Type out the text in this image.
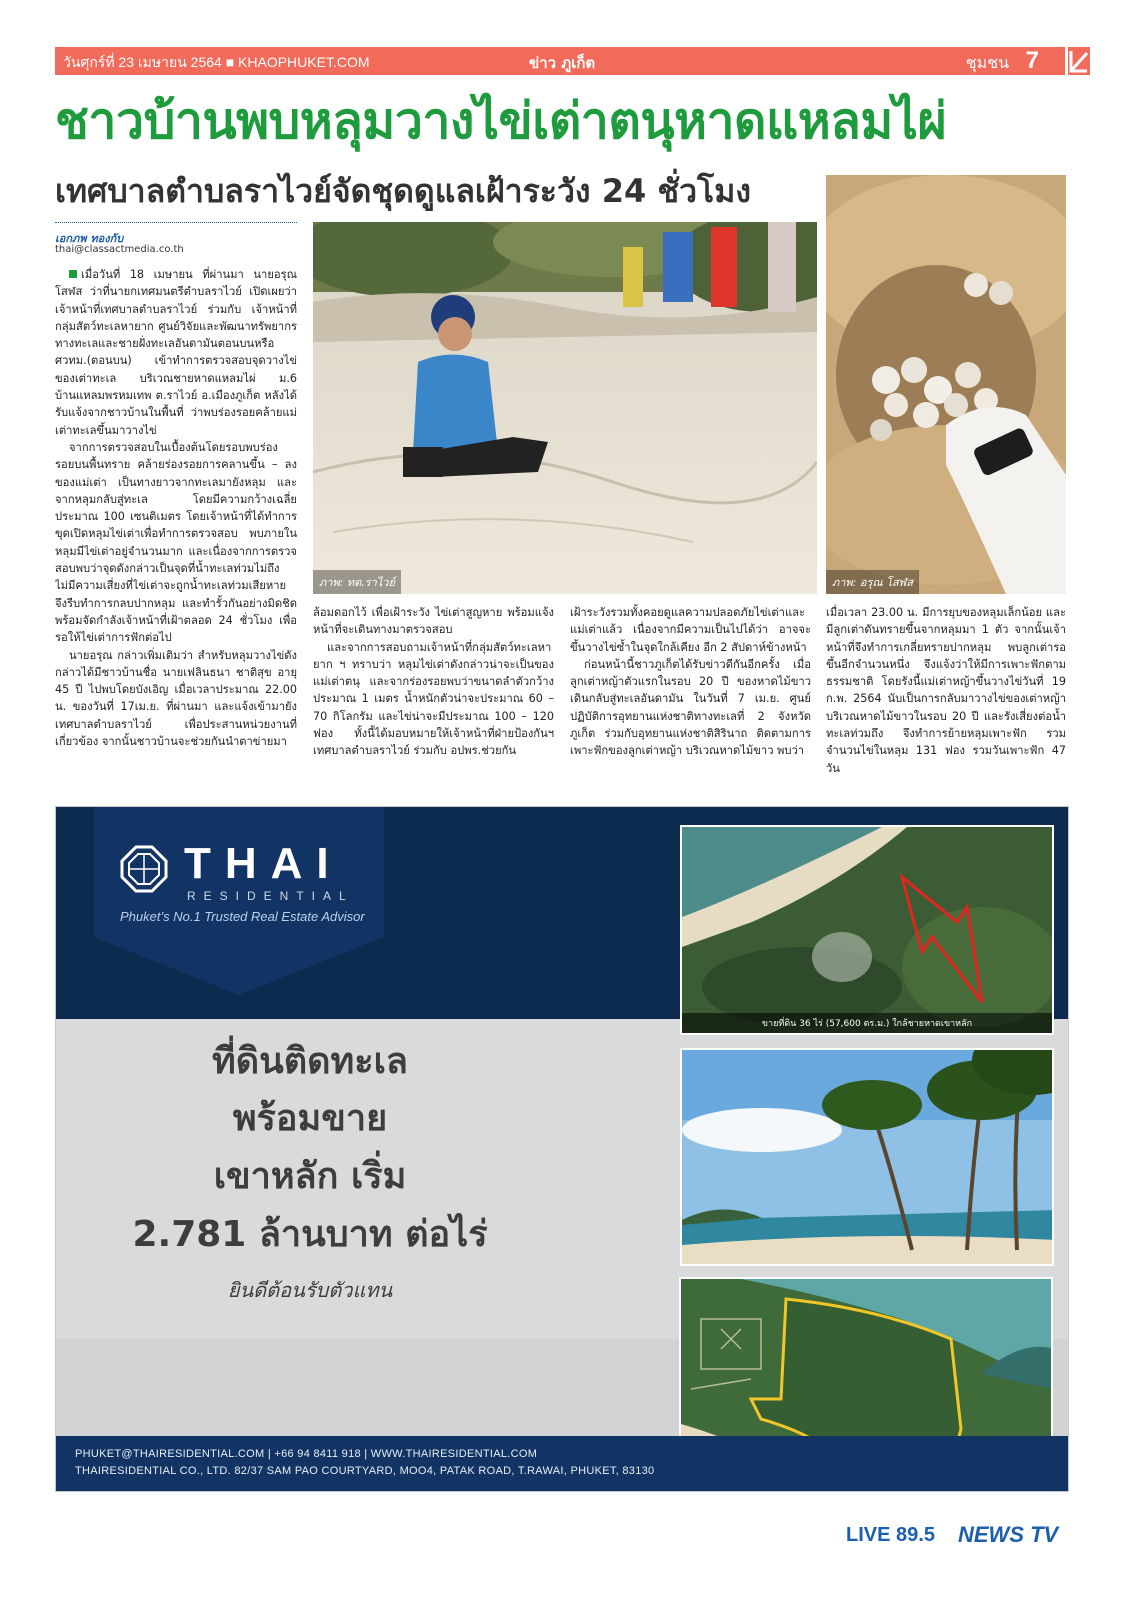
วันศุกร์ที่ 23 เมษายน 2564 ■ KHAOPHUKET.COM	ข่าว ภูเก็ต	ชุมชน 7
ชาวบ้านพบหลุมวางไข่เต่าตนุหาดแหลมไผ่
เทศบาลตำบลราไวย์จัดชุดดูแลเฝ้าระวัง 24 ชั่วโมง
เอกภพ ทองกับ
thai@classactmedia.co.th

เมื่อวันที่ 18 เมษายน ที่ผ่านมา นายอรุณ โสฬส ว่าที่นายกเทศมนตรีตำบลราไวย์ เปิดเผยว่า เจ้าหน้าที่เทศบาลตำบลราไวย์ ร่วมกับ เจ้าหน้าที่กลุ่มสัตว์ทะเลหายาก ศูนย์วิจัยและพัฒนาทรัพยากรทางทะเลและชายฝั่งทะเลอันดามันตอนบนหรือ ศวทม.(ตอนบน) เข้าทำการตรวจสอบจุดวางไข่ของเต่าทะเล บริเวณชายหาดแหลมไผ่ ม.6 บ้านแหลมพรหมเทพ ต.ราไวย์ อ.เมืองภูเก็ต หลังได้รับแจ้งจากชาวบ้านในพื้นที่ ว่าพบร่องรอยคล้ายแม่เต่าทะเลขึ้นมาวางไข่

จากการตรวจสอบในเบื้องต้นโดยรอบพบร่องรอยบนพื้นทราย คล้ายร่องรอยการคลานขึ้น – ลง ของแม่เต่า เป็นทางยาวจากทะเลมายังหลุม และจากหลุมกลับสู่ทะเล โดยมีความกว้างเฉลี่ยประมาณ 100 เซนติเมตร โดยเจ้าหน้าที่ได้ทำการขุดเปิดหลุมไข่เต่าเพื่อทำการตรวจสอบ พบภายในหลุมมีไข่เต่าอยู่จำนวนมาก และเนื่องจากการตรวจสอบพบว่าจุดดังกล่าวเป็นจุดที่น้ำทะเลท่วมไม่ถึง ไม่มีความเสี่ยงที่ไข่เต่าจะถูกน้ำทะเลท่วมเสียหาย จึงรีบทำการกลบปากหลุม และทำรั้วกันอย่างมิดชิด พร้อมจัดกำลังเจ้าหน้าที่เฝ้าตลอด 24 ชั่วโมง เพื่อรอให้ไข่เต่าการฟักต่อไป

นายอรุณ กล่าวเพิ่มเติมว่า สำหรับหลุมวางไข่ดังกล่าวได้มีชาวบ้านชื่อ นายเฟลินธนา ชาติสุข อายุ 45 ปี ไปพบโดยบังเอิญ เมื่อเวลาประมาณ 22.00 น. ของวันที่ 17เม.ย. ที่ผ่านมา และแจ้งเข้ามายังเทศบาลตำบลราไวย์ เพื่อประสานหน่วยงานที่เกี่ยวข้อง จากนั้นชาวบ้านจะช่วยกันนำตาข่ายมา

ภาพ: ทต.ราไวย์	ภาพ: อรุณ โสฬส

ล้อมดอกไว้ เพื่อเฝ้าระวัง ไข่เต่าสูญหาย พร้อมแจ้งหน้าที่จะเดินทางมาตรวจสอบ

และจากการสอบถามเจ้าหน้าที่กลุ่มสัตว์ทะเลหายาก ฯ ทราบว่า หลุมไข่เต่าดังกล่าวน่าจะเป็นของแม่เต่าตนุ และจากร่องรอยพบว่าขนาดลำตัวกว้างประมาณ 1 เมตร น้ำหนักตัวน่าจะประมาณ 60 – 70 กิโลกรัม และไข่น่าจะมีประมาณ 100 – 120 ฟอง ทั้งนี้ได้มอบหมายให้เจ้าหน้าที่ฝ่ายป้องกันฯ เทศบาลตำบลราไวย์ ร่วมกับ อปพร.ช่วยกัน

เฝ้าระวังรวมทั้งคอยดูแลความปลอดภัยไข่เต่าและแม่เต่าแล้ว เนื่องจากมีความเป็นไปได้ว่า อาจจะขึ้นวางไข่ซ้ำในจุดใกล้เคียง อีก 2 สัปดาห์ข้างหน้า

ก่อนหน้านี้ชาวภูเก็ตได้รับข่าวดีกันอีกครั้ง เมื่อลูกเต่าหญ้าตัวแรกในรอบ 20 ปี ของหาดไม้ขาวเดินกลับสู่ทะเลอันดามัน ในวันที่ 7 เม.ย. ศูนย์ปฏิบัติการอุทยานแห่งชาติทางทะเลที่ 2 จังหวัดภูเก็ต ร่วมกับอุทยานแห่งชาติสิรินาถ ติดตามการเพาะฟักของลูกเต่าหญ้า บริเวณหาดไม้ขาว พบว่า

เมื่อเวลา 23.00 น. มีการยุบของหลุมเล็กน้อย และมีลูกเต่าดันทรายขึ้นจากหลุมมา 1 ตัว จากนั้นเจ้าหน้าที่จึงทำการเกลี่ยทรายปากหลุม พบลูกเต่ารอขึ้นอีกจำนวนหนึ่ง จึงแจ้งว่าให้มีการเพาะฟักตามธรรมชาติ โดยรังนี้แม่เต่าหญ้าขึ้นวางไข่วันที่ 19 ก.พ. 2564 นับเป็นการกลับมาวางไข่ของเต่าหญ้าบริเวณหาดไม้ขาวในรอบ 20 ปี และรังเสี่ยงต่อน้ำทะเลท่วมถึง จึงทำการย้ายหลุมเพาะฟัก รวมจำนวนไข่ในหลุม 131 ฟอง รวมวันเพาะฟัก 47 วัน

THAI
RESIDENTIAL
Phuket’s No.1 Trusted Real Estate Advisor
ขายที่ดิน 36 ไร่ (57,600 ตร.ม.) ใกล้ชายหาดเขาหลัก
ที่ดินติดทะเล
พร้อมขาย
เขาหลัก เริ่ม
2.781 ล้านบาท ต่อไร่
ยินดีต้อนรับตัวแทน
PHUKET@THAIRESIDENTIAL.COM | +66 94 8411 918 | WWW.THAIRESIDENTIAL.COM
THAIRESIDENTIAL CO., LTD. 82/37 SAM PAO COURTYARD, MOO4, PATAK ROAD, T.RAWAI, PHUKET, 83130
LIVE 89.5 NEWS TV
